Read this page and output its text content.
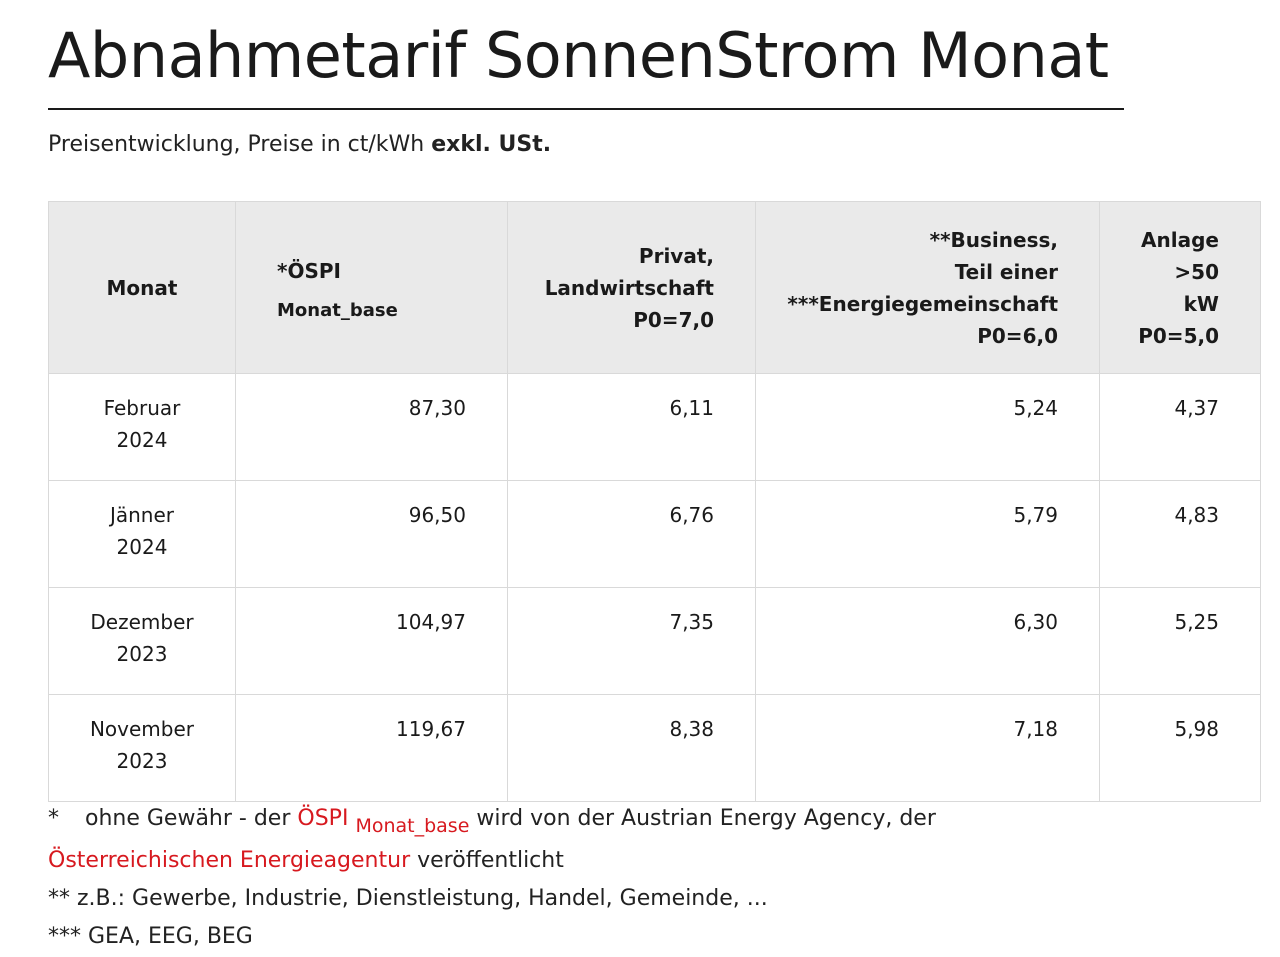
Abnahmetarif SonnenStrom Monat
Preisentwicklung, Preise in ct/kWh exkl. USt.
Monat	*ÖSPI Monat_base	Privat,
Landwirtschaft
P0=7,0	**Business,
Teil einer
***Energiegemeinschaft
P0=6,0	Anlage
>50
kW
P0=5,0

Februar
2024	87,30	6,11	5,24	4,37

Jänner
2024	96,50	6,76	5,79	4,83

Dezember
2023	104,97	7,35	6,30	5,25

November
2023	119,67	8,38	7,18	5,98
* ohne Gewähr - der ÖSPI Monat_base wird von der Austrian Energy Agency, der
Österreichischen Energieagentur veröffentlicht
** z.B.: Gewerbe, Industrie, Dienstleistung, Handel, Gemeinde, ...
*** GEA, EEG, BEG
